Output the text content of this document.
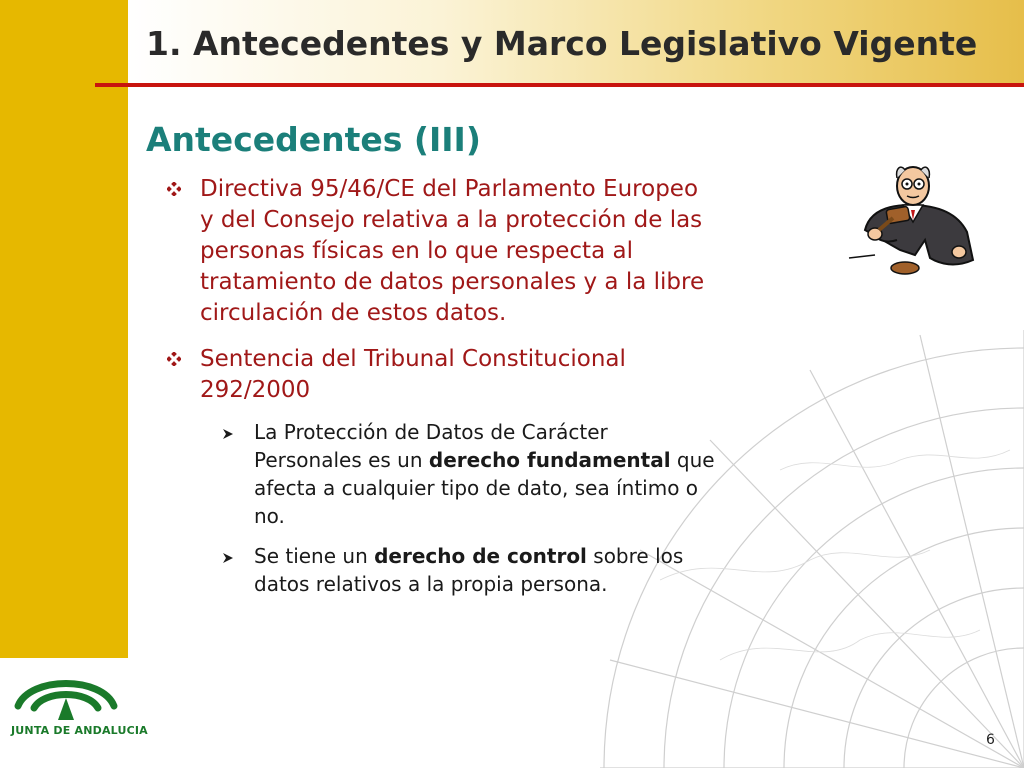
1. Antecedentes y Marco Legislativo Vigente
Antecedentes (III)
Directiva 95/46/CE del Parlamento Europeo
y del Consejo relativa a la protección de las
personas físicas en lo que respecta al
tratamiento de datos personales y a la libre
circulación de estos datos.
Sentencia del Tribunal Constitucional
292/2000
La Protección de Datos de Carácter
Personales es un derecho fundamental que
afecta a cualquier tipo de dato, sea íntimo o
no.
Se tiene un derecho de control sobre los
datos relativos a la propia persona.
JUNTA DE ANDALUCIA
6
